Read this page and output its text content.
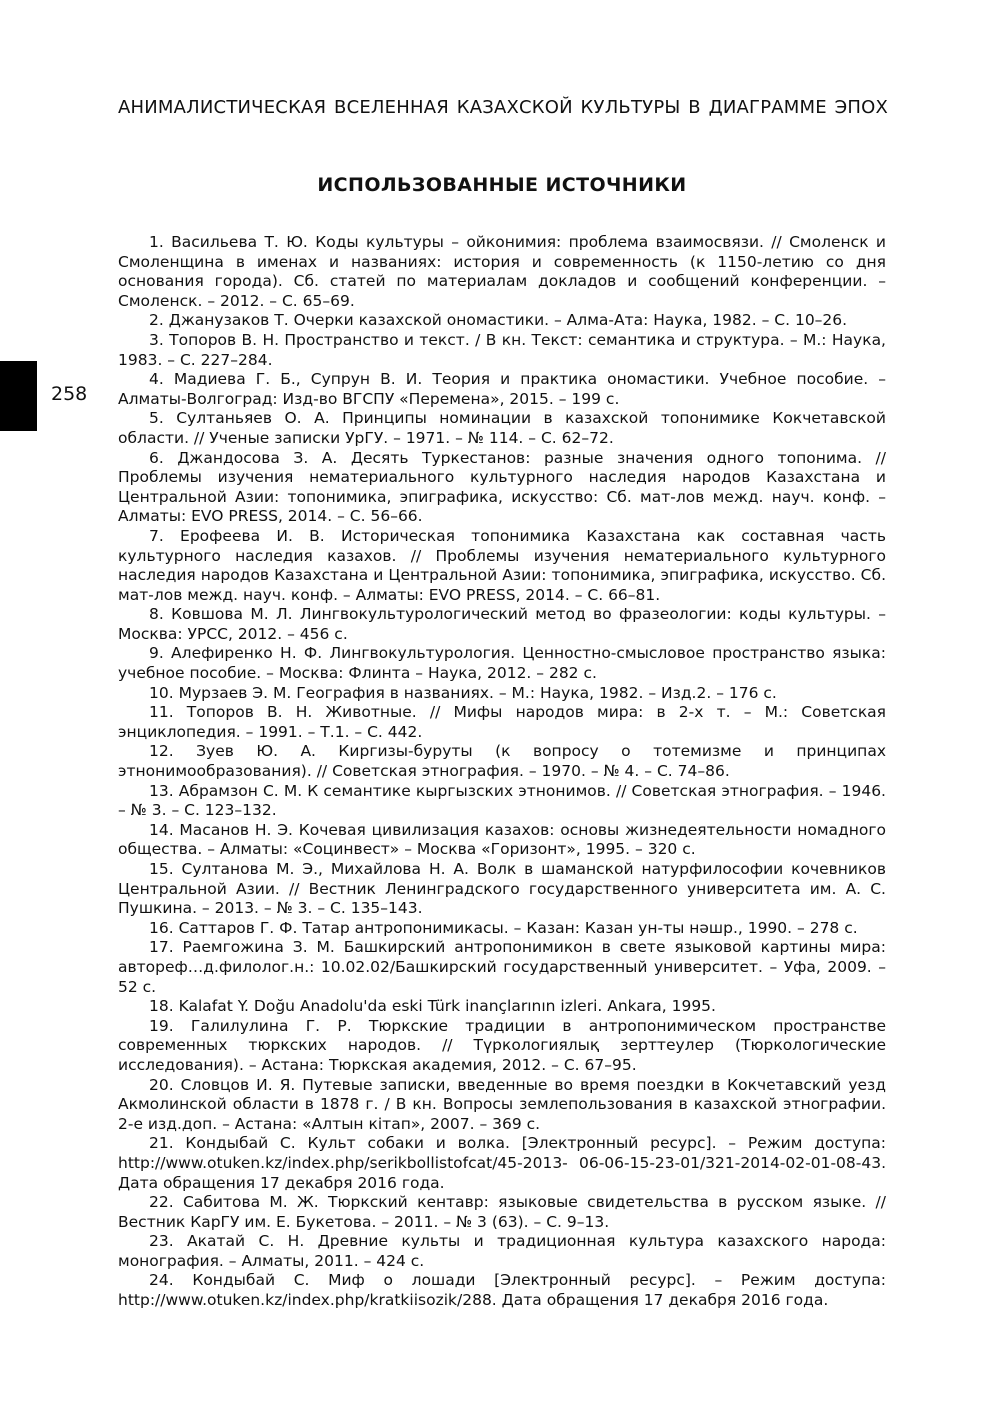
АНИМАЛИСТИЧЕСКАЯ ВСЕЛЕННАЯ КАЗАХСКОЙ КУЛЬТУРЫ В ДИАГРАММЕ ЭПОХ
258
ИСПОЛЬЗОВАННЫЕ ИСТОЧНИКИ
1. Васильева Т. Ю. Коды культуры – ойконимия: проблема взаимосвязи. // Смоленск и Смоленщина в именах и названиях: история и современность (к 1150-летию со дня основания города). Сб. статей по материалам докладов и сообщений конференции. – Смоленск. – 2012. – С. 65–69.
2. Джанузаков Т. Очерки казахской ономастики. – Алма-Ата: Наука, 1982. – С. 10–26.
3. Топоров В. Н. Пространство и текст. / В кн. Текст: семантика и структура. – М.: Наука, 1983. – С. 227–284.
4. Мадиева Г. Б., Супрун В. И. Теория и практика ономастики. Учебное пособие. – Алматы-Волгоград: Изд-во ВГСПУ «Перемена», 2015. – 199 с.
5. Султаньяев О. А. Принципы номинации в казахской топонимике Кокчетавской области. // Ученые записки УрГУ. – 1971. – № 114. – С. 62–72.
6. Джандосова З. А. Десять Туркестанов: разные значения одного топонима. // Проблемы изучения нематериального культурного наследия народов Казахстана и Центральной Азии: топонимика, эпиграфика, искусство: Сб. мат-лов межд. науч. конф. – Алматы: EVO PRESS, 2014. – С. 56–66.
7. Ерофеева И. В. Историческая топонимика Казахстана как составная часть культурного наследия казахов. // Проблемы изучения нематериального культурного наследия народов Казахстана и Центральной Азии: топонимика, эпиграфика, искусство. Сб. мат-лов межд. науч. конф. – Алматы: EVO PRESS, 2014. – С. 66–81.
8. Ковшова М. Л. Лингвокультурологический метод во фразеологии: коды культуры. – Москва: УРСС, 2012. – 456 с.
9. Алефиренко Н. Ф. Лингвокультурология. Ценностно-смысловое пространство языка: учебное пособие. – Москва: Флинта – Наука, 2012. – 282 с.
10. Мурзаев Э. М. География в названиях. – М.: Наука, 1982. – Изд.2. – 176 с.
11. Топоров В. Н. Животные. // Мифы народов мира: в 2-х т. – М.: Советская энциклопедия. – 1991. – Т.1. – С. 442.
12. Зуев Ю. А. Киргизы-буруты (к вопросу о тотемизме и принципах этнонимообразования). // Советская этнография. – 1970. – № 4. – С. 74–86.
13. Абрамзон С. М. К семантике кыргызских этнонимов. // Советская этнография. – 1946. – № 3. – С. 123–132.
14. Масанов Н. Э. Кочевая цивилизация казахов: основы жизнедеятельности номадного общества. – Алматы: «Социнвест» – Москва «Горизонт», 1995. – 320 с.
15. Султанова М. Э., Михайлова Н. А. Волк в шаманской натурфилософии кочевников Центральной Азии. // Вестник Ленинградского государственного университета им. А. С. Пушкина. – 2013. – № 3. – С. 135–143.
16. Саттаров Г. Ф. Татар антропонимикасы. – Казан: Казан ун-ты нәшр., 1990. – 278 с.
17. Раемгожина З. М. Башкирский антропонимикон в свете языковой картины мира: автореф…д.филолог.н.: 10.02.02/Башкирский государственный университет. – Уфа, 2009. – 52 с.
18. Kalafat Y. Doğu Anadolu'da eski Türk inançlarının izleri. Ankara, 1995.
19. Галилулина Г. Р. Тюркские традиции в антропонимическом пространстве современных тюркских народов. // Түркологиялық зерттеулер (Тюркологические исследования). – Астана: Тюркская академия, 2012. – С. 67–95.
20. Словцов И. Я. Путевые записки, введенные во время поездки в Кокчетавский уезд Акмолинской области в 1878 г. / В кн. Вопросы землепользования в казахской этнографии. 2-е изд.доп. – Астана: «Алтын кітап», 2007. – 369 с.
21. Кондыбай С. Культ собаки и волка. [Электронный ресурс]. – Режим доступа: http://www.otuken.kz/index.php/serikbollistofcat/45-2013- 06-06-15-23-01/321-2014-02-01-08-43. Дата обращения 17 декабря 2016 года.
22. Сабитова М. Ж. Тюркский кентавр: языковые свидетельства в русском языке. // Вестник КарГУ им. Е. Букетова. – 2011. – № 3 (63). – С. 9–13.
23. Акатай С. Н. Древние культы и традиционная культура казахского народа: монография. – Алматы, 2011. – 424 с.
24. Кондыбай С. Миф о лошади [Электронный ресурс]. – Режим доступа: http://www.otuken.kz/index.php/kratkiisozik/288. Дата обращения 17 декабря 2016 года.
